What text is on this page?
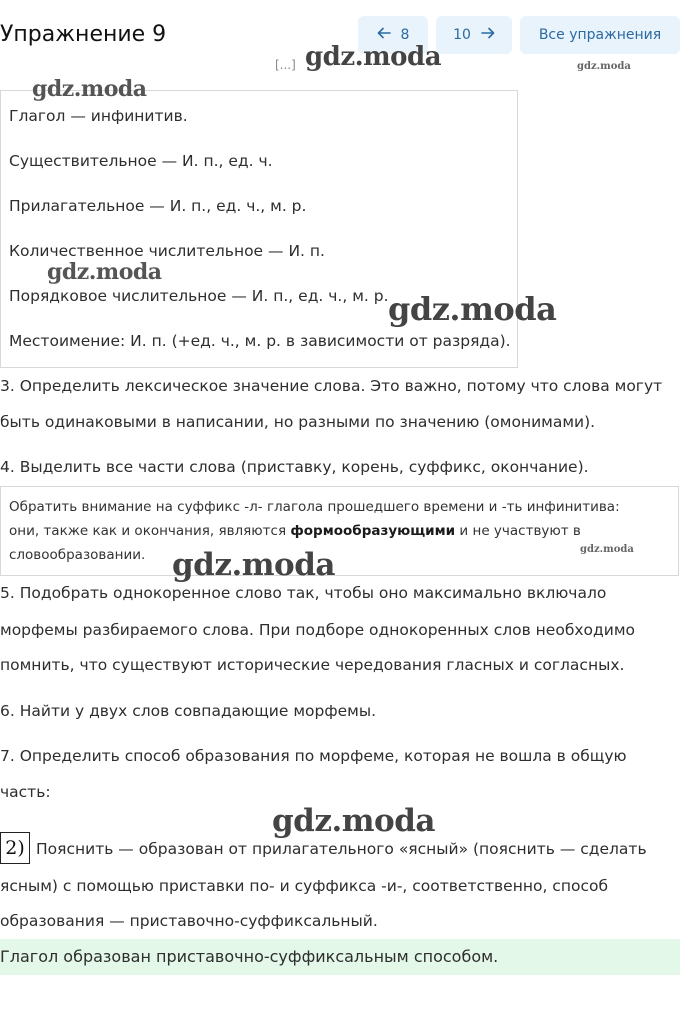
Упражнение 9	8	10	Все упражнения
[...]
Глагол — инфинитив.
Существительное — И. п., ед. ч.
Прилагательное — И. п., ед. ч., м. р.
Количественное числительное — И. п.
Порядковое числительное — И. п., ед. ч., м. р.
Местоимение: И. п. (+ед. ч., м. р. в зависимости от разряда).
3. Определить лексическое значение слова. Это важно, потому что слова могут
быть одинаковыми в написании, но разными по значению (омонимами).
4. Выделить все части слова (приставку, корень, суффикс, окончание).
Обратить внимание на суффикс -л- глагола прошедшего времени и -ть инфинитива:
они, также как и окончания, являются формообразующими и не участвуют в
словообразовании.
5. Подобрать однокоренное слово так, чтобы оно максимально включало
морфемы разбираемого слова. При подборе однокоренных слов необходимо
помнить, что существуют исторические чередования гласных и согласных.
6. Найти у двух слов совпадающие морфемы.
7. Определить способ образования по морфеме, которая не вошла в общую
часть:
2) Пояснить — образован от прилагательного «ясный» (пояснить — сделать
ясным) с помощью приставки по- и суффикса -и-, соответственно, способ
образования — приставочно-суффиксальный.
Глагол образован приставочно-суффиксальным способом.
gdz.moda	gdz.moda
gdz.moda
gdz.moda
gdz.moda
gdz.moda
gdz.moda
gdz.moda
